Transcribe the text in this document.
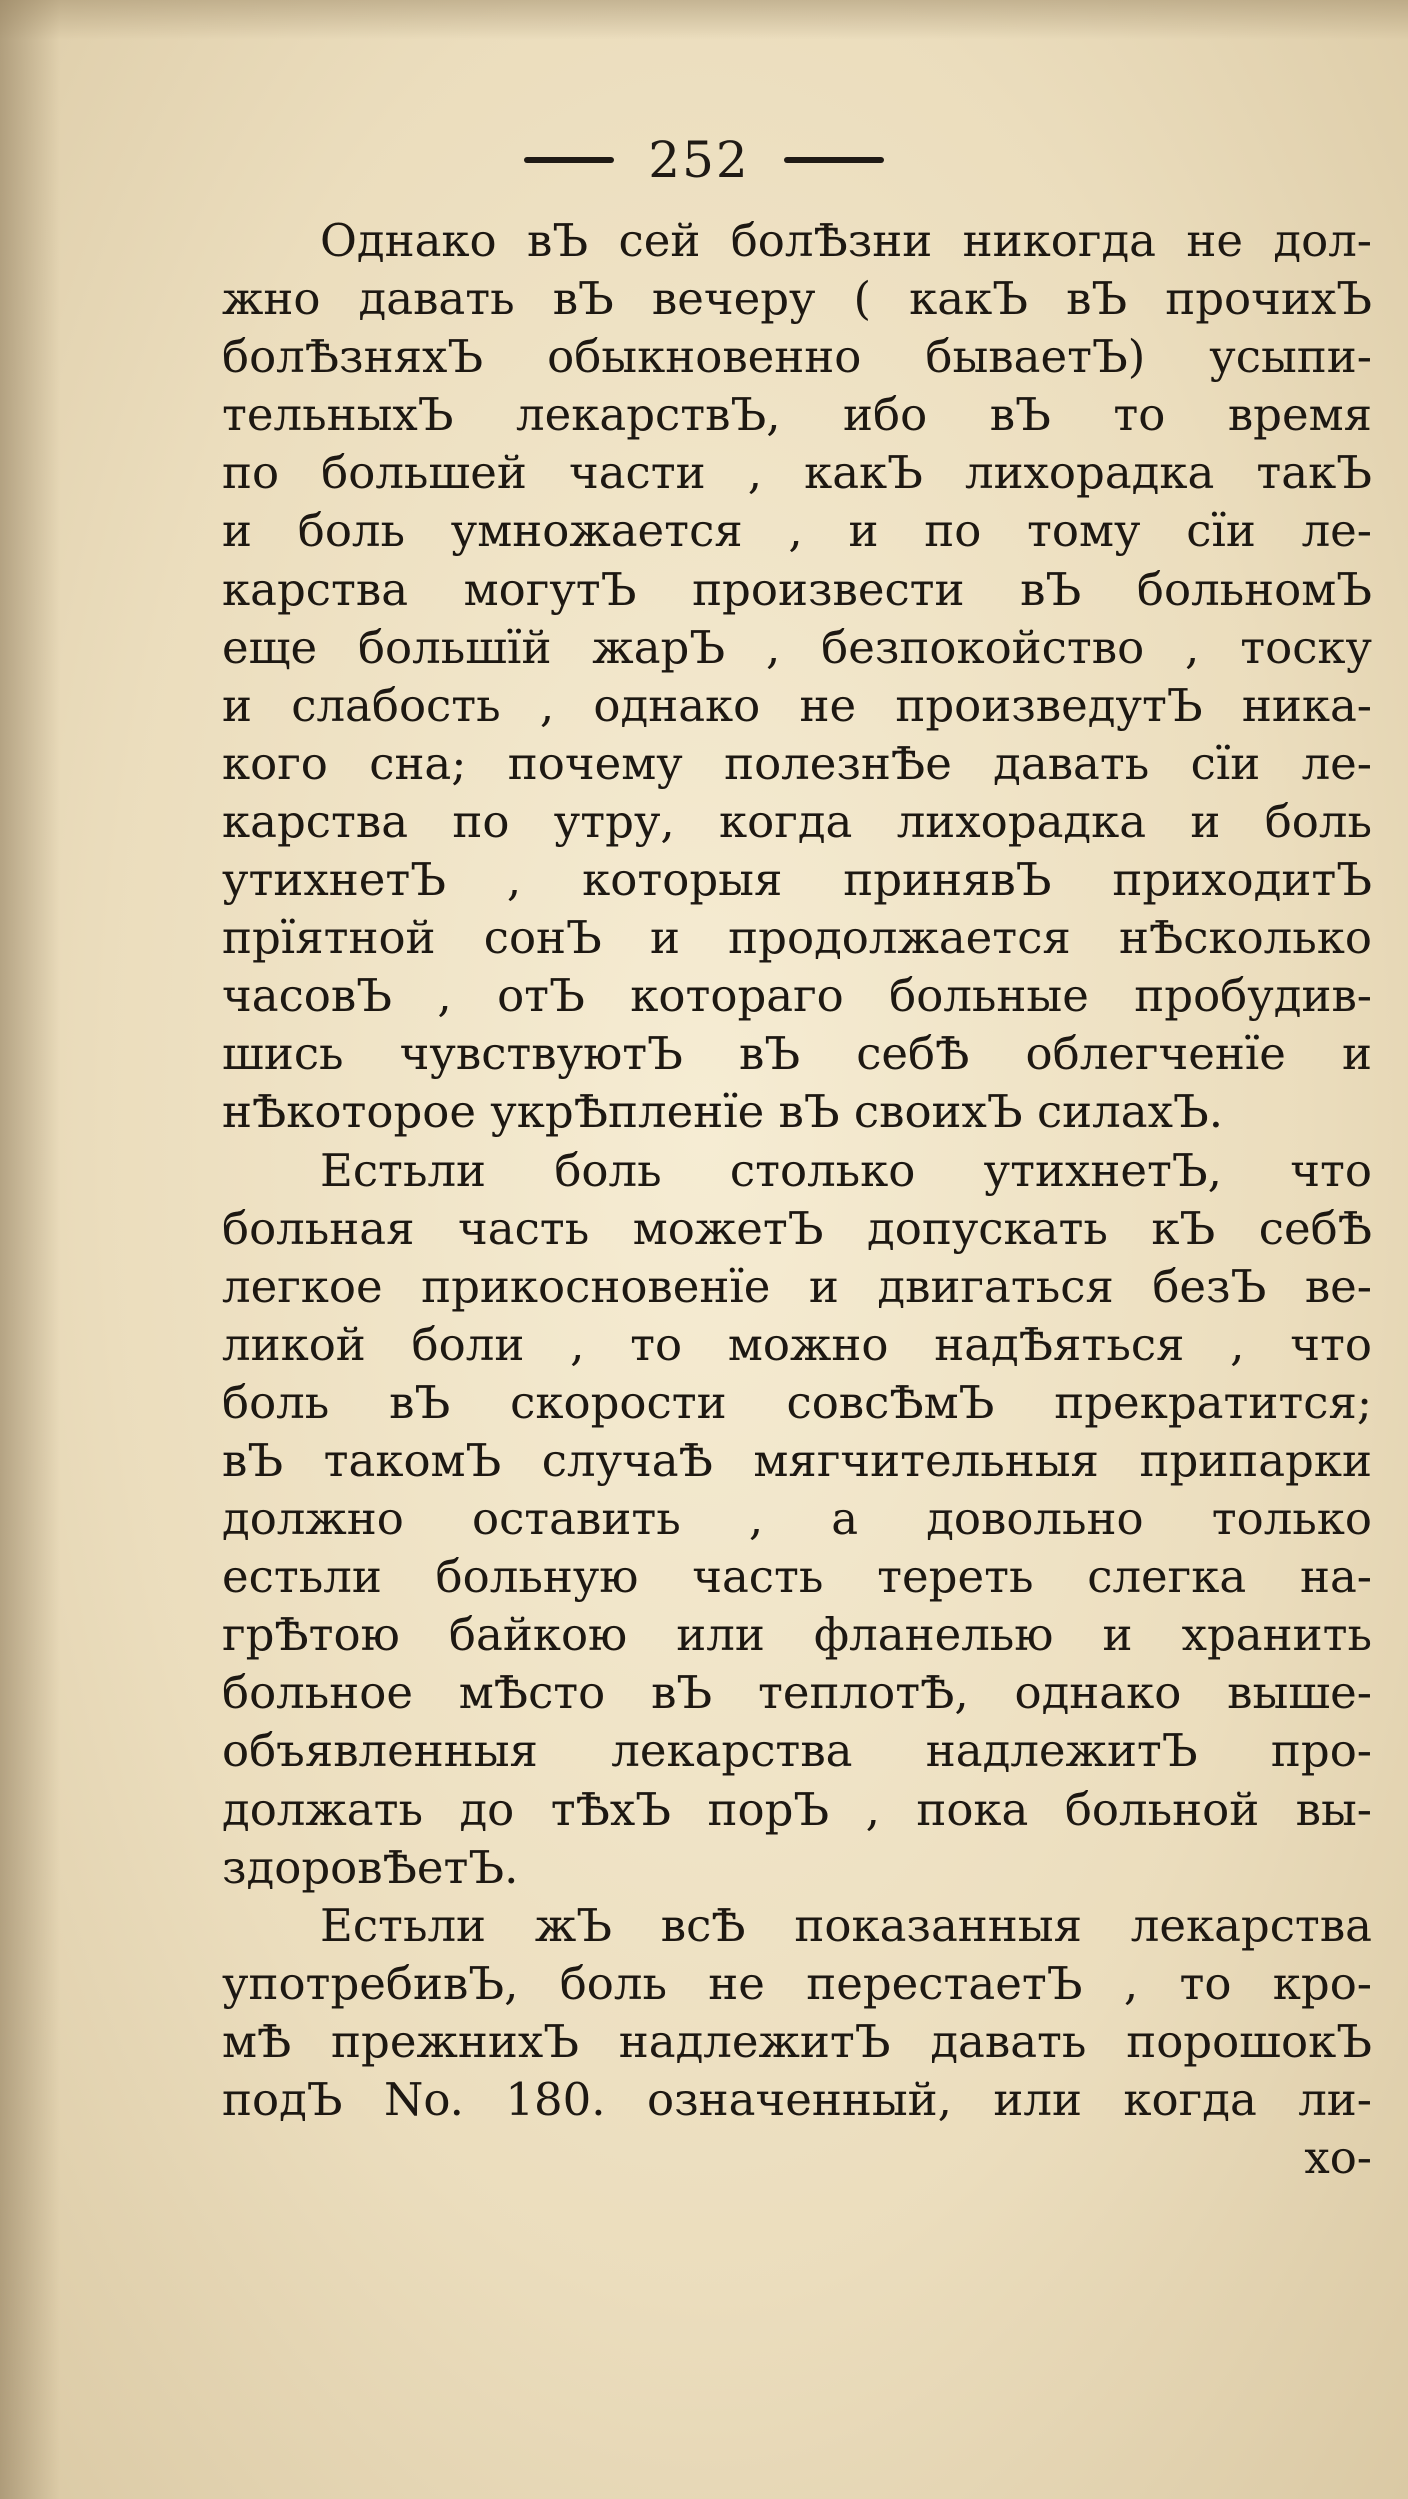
252
Однако вЪ сей болѢзни никогда не дол-
жно давать вЪ вечеру ( какЪ вЪ прочихЪ
болѢзняхЪ обыкновенно бываетЪ) усыпи-
тельныхЪ лекарствЪ, ибо вЪ то время
по большей части , какЪ лихорадка такЪ
и боль умножается , и по тому сїи ле-
карства могутЪ произвести вЪ больномЪ
еще большїй жарЪ , безпокойство , тоску
и слабость , однако не произведутЪ ника-
кого сна; почему полезнѢе давать сїи ле-
карства по утру, когда лихорадка и боль
утихнетЪ , которыя принявЪ приходитЪ
прїятной сонЪ и продолжается нѢсколько
часовЪ , отЪ котораго больные пробудив-
шись чувствуютЪ вЪ себѢ облегченїе и
нѢкоторое укрѢпленїе вЪ своихЪ силахЪ.
Естьли боль столько утихнетЪ, что
больная часть можетЪ допускать кЪ себѢ
легкое прикосновенїе и двигаться безЪ ве-
ликой боли , то можно надѢяться , что
боль вЪ скорости совсѢмЪ прекратится;
вЪ такомЪ случаѢ мягчительныя припарки
должно оставить , а довольно только
естьли больную часть тереть слегка на-
грѢтою байкою или фланелью и хранить
больное мѢсто вЪ теплотѢ, однако выше-
объявленныя лекарства надлежитЪ про-
должать до тѢхЪ порЪ , пока больной вы-
здоровѢетЪ.
Естьли жЪ всѢ показанныя лекарства
употребивЪ, боль не перестаетЪ , то кро-
мѢ прежнихЪ надлежитЪ давать порошокЪ
подЪ No. 180. означенный, или когда ли-
хо-
